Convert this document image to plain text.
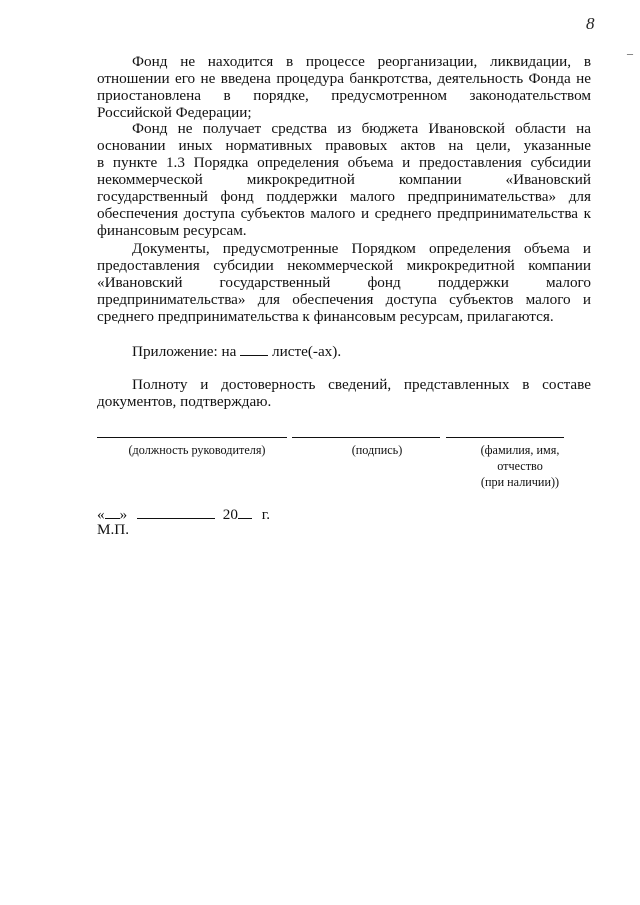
8
–
Фонд не находится в процессе реорганизации, ликвидации, в
отношении его не введена процедура банкротства, деятельность Фонда не
приостановлена в порядке, предусмотренном законодательством
Российской Федерации;
Фонд не получает средства из бюджета Ивановской области на
основании иных нормативных правовых актов на цели, указанные
в пункте 1.3 Порядка определения объема и предоставления субсидии
некоммерческой микрокредитной компании «Ивановский
государственный фонд поддержки малого предпринимательства» для
обеспечения доступа субъектов малого и среднего предпринимательства к
финансовым ресурсам.
Документы, предусмотренные Порядком определения объема и
предоставления субсидии некоммерческой микрокредитной компании
«Ивановский государственный фонд поддержки малого
предпринимательства» для обеспечения доступа субъектов малого и
среднего предпринимательства к финансовым ресурсам, прилагаются.
Приложение: на листе(-ах).
Полноту и достоверность сведений, представленных в составе
документов, подтверждаю.
(должность руководителя)	(подпись)	(фамилия, имя,
отчество
(при наличии))
« »	20 г.
М.П.
